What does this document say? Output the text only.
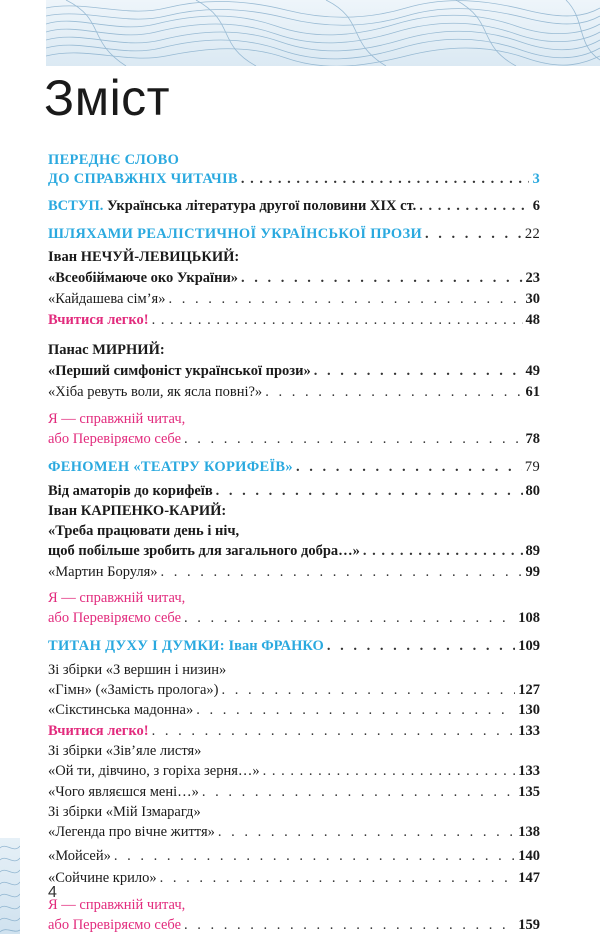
Зміст
ПЕРЕДНЄ СЛОВО
ДО СПРАВЖНІХ ЧИТАЧІВ . . .	3
ВСТУП. Українська література другої половини XIX ст. . . .	6
ШЛЯХАМИ РЕАЛІСТИЧНОЇ УКРАЇНСЬКОЇ ПРОЗИ . . .	22
Іван НЕЧУЙ-ЛЕВИЦЬКИЙ:
«Всеобіймаюче око України» . . .	23
«Кайдашева сім’я» . . .	30
Вчитися легко! . . .	48
Панас МИРНИЙ:
«Перший симфоніст української прози» . . .	49
«Хіба ревуть воли, як ясла повні?» . . .	61
Я — справжній читач,
або Перевіряємо себе . . .	78
ФЕНОМЕН «ТЕАТРУ КОРИФЕЇВ» . . .	79
Від аматорів до корифеїв . . .	80
Іван КАРПЕНКО-КАРИЙ:
«Треба працювати день і ніч,
щоб побільше зробить для загального добра…» . . .	89
«Мартин Боруля» . . .	99
Я — справжній читач,
або Перевіряємо себе . . .	108
ТИТАН ДУХУ І ДУМКИ: Іван ФРАНКО . . .	109
Зі збірки «З вершин і низин»
«Гімн» («Замість пролога») . . .	127
«Сікстинська мадонна» . . .	130
Вчитися легко! . . .	133
Зі збірки «Зів’яле листя»
«Ой ти, дівчино, з горіха зерня…» . . .	133
«Чого являєшся мені…» . . .	135
Зі збірки «Мій Ізмарагд»
«Легенда про вічне життя» . . .	138
«Мойсей» . . .	140
«Сойчине крило» . . .	147
Я — справжній читач,
або Перевіряємо себе . . .	159
4
